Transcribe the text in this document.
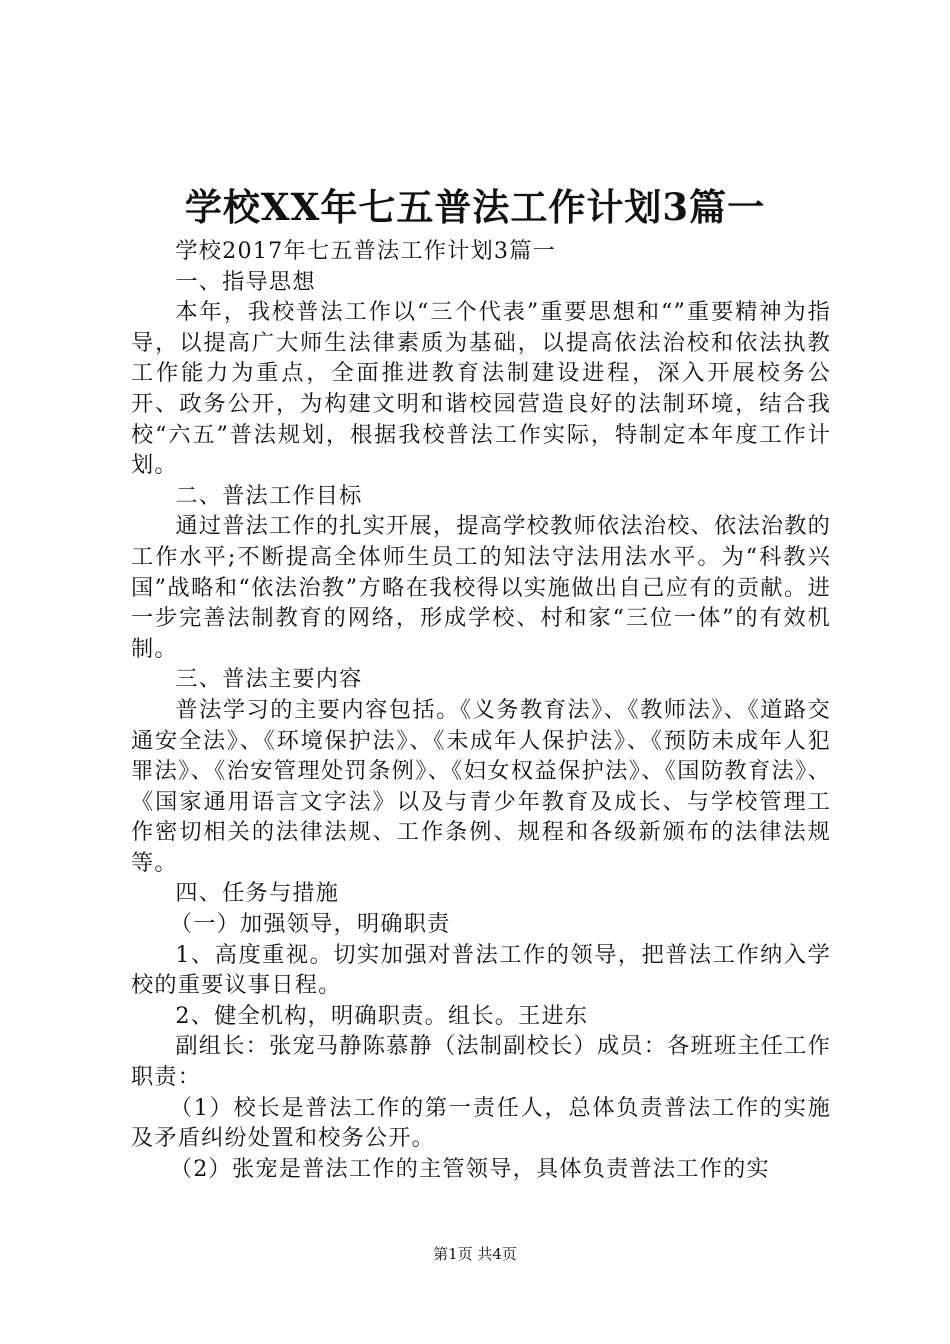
学校XX年七五普法工作计划3篇一

学校2017年七五普法工作计划3篇一

一、指导思想

本年，我校普法工作以“三个代表”重要思想和“”重要精神为指导，以提高广大师生法律素质为基础，以提高依法治校和依法执教工作能力为重点，全面推进教育法制建设进程，深入开展校务公开、政务公开，为构建文明和谐校园营造良好的法制环境，结合我校“六五”普法规划，根据我校普法工作实际，特制定本年度工作计划。

二、普法工作目标

通过普法工作的扎实开展，提高学校教师依法治校、依法治教的工作水平;不断提高全体师生员工的知法守法用法水平。为“科教兴国”战略和“依法治教”方略在我校得以实施做出自己应有的贡献。进一步完善法制教育的网络，形成学校、村和家“三位一体”的有效机制。

三、普法主要内容

普法学习的主要内容包括。《义务教育法》、《教师法》、《道路交通安全法》、《环境保护法》、《未成年人保护法》、《预防未成年人犯罪法》、《治安管理处罚条例》、《妇女权益保护法》、《国防教育法》、《国家通用语言文字法》以及与青少年教育及成长、与学校管理工作密切相关的法律法规、工作条例、规程和各级新颁布的法律法规等。

四、任务与措施

（一）加强领导，明确职责

1、高度重视。切实加强对普法工作的领导，把普法工作纳入学校的重要议事日程。

2、健全机构，明确职责。组长。王进东

副组长：张宠马静陈慕静（法制副校长）成员：各班班主任工作职责：

（1）校长是普法工作的第一责任人，总体负责普法工作的实施及矛盾纠纷处置和校务公开。

（2）张宠是普法工作的主管领导，具体负责普法工作的实

第1页 共4页
